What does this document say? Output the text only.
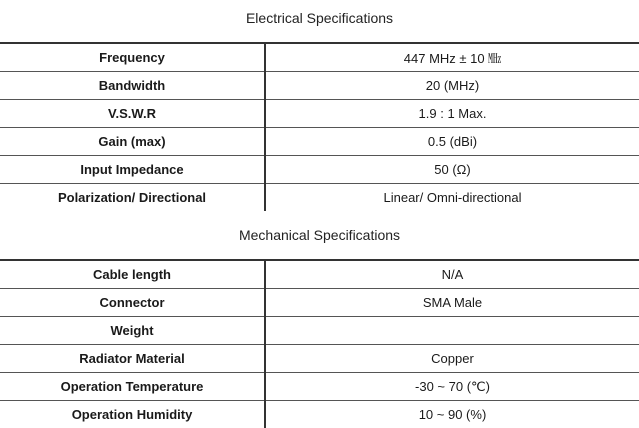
Electrical Specifications
Frequency	447 MHz ± 10 ㎒
Bandwidth	20 (MHz)
V.S.W.R	1.9 : 1 Max.
Gain (max)	0.5 (dBi)
Input Impedance	50 (Ω)
Polarization/ Directional	Linear/ Omni-directional
Mechanical Specifications
Cable length	N/A
Connector	SMA Male
Weight	
Radiator Material	Copper
Operation Temperature	-30 ~ 70 (℃)
Operation Humidity	10 ~ 90 (%)
